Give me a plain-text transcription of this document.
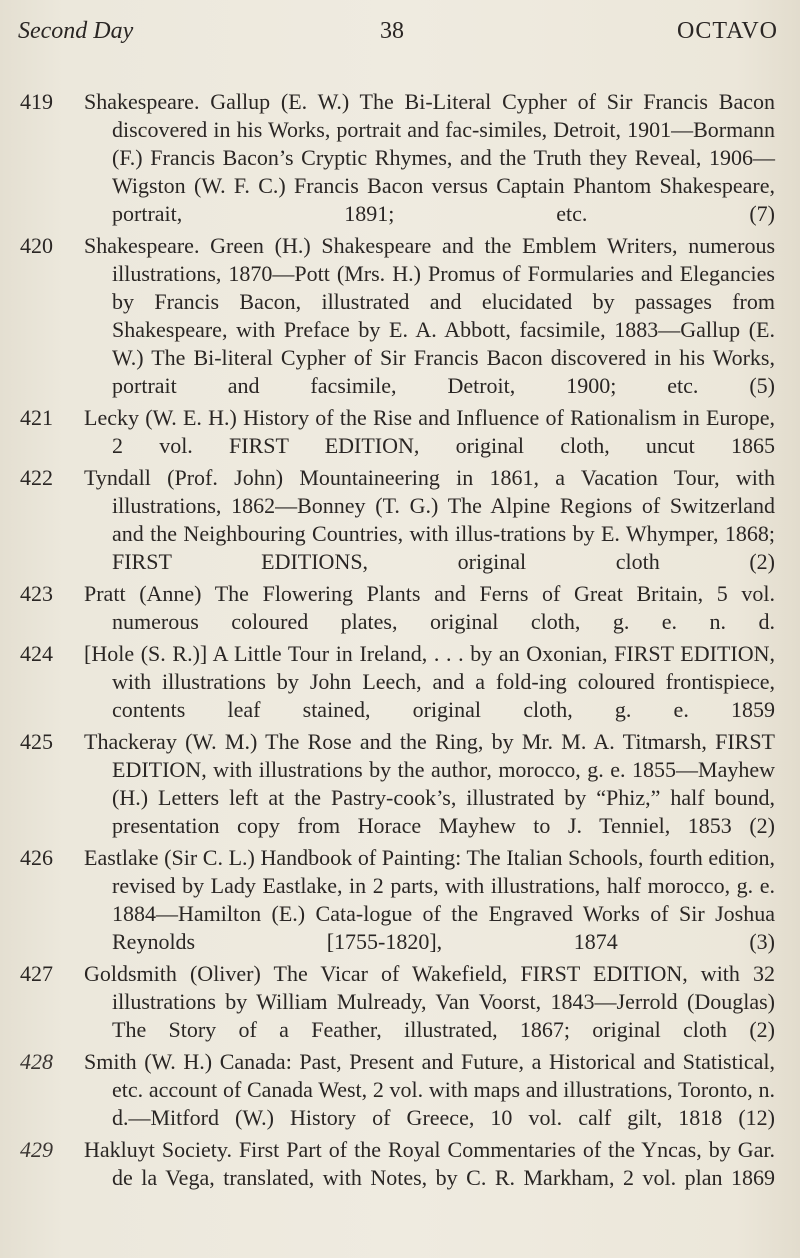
Second Day	38	OCTAVO
419	Shakespeare. Gallup (E. W.) The Bi-Literal Cypher of Sir Francis Bacon discovered in his Works, portrait and fac-similes, Detroit, 1901—Bormann (F.) Francis Bacon’s Cryptic Rhymes, and the Truth they Reveal, 1906—Wigston (W. F. C.) Francis Bacon versus Captain Phantom Shakespeare, portrait, 1891; etc. (7)
420	Shakespeare. Green (H.) Shakespeare and the Emblem Writers, numerous illustrations, 1870—Pott (Mrs. H.) Promus of Formularies and Elegancies by Francis Bacon, illustrated and elucidated by passages from Shakespeare, with Preface by E. A. Abbott, facsimile, 1883—Gallup (E. W.) The Bi-literal Cypher of Sir Francis Bacon discovered in his Works, portrait and facsimile, Detroit, 1900; etc. (5)
421	Lecky (W. E. H.) History of the Rise and Influence of Rationalism in Europe, 2 vol. FIRST EDITION, original cloth, uncut 1865
422	Tyndall (Prof. John) Mountaineering in 1861, a Vacation Tour, with illustrations, 1862—Bonney (T. G.) The Alpine Regions of Switzerland and the Neighbouring Countries, with illus-trations by E. Whymper, 1868; FIRST EDITIONS, original cloth (2)
423	Pratt (Anne) The Flowering Plants and Ferns of Great Britain, 5 vol. numerous coloured plates, original cloth, g. e. n. d.
424	[Hole (S. R.)] A Little Tour in Ireland, . . . by an Oxonian, FIRST EDITION, with illustrations by John Leech, and a fold-ing coloured frontispiece, contents leaf stained, original cloth, g. e. 1859
425	Thackeray (W. M.) The Rose and the Ring, by Mr. M. A. Titmarsh, FIRST EDITION, with illustrations by the author, morocco, g. e. 1855—Mayhew (H.) Letters left at the Pastry-cook’s, illustrated by “Phiz,” half bound, presentation copy from Horace Mayhew to J. Tenniel, 1853 (2)
426	Eastlake (Sir C. L.) Handbook of Painting: The Italian Schools, fourth edition, revised by Lady Eastlake, in 2 parts, with illustrations, half morocco, g. e. 1884—Hamilton (E.) Cata-logue of the Engraved Works of Sir Joshua Reynolds [1755-1820], 1874 (3)
427	Goldsmith (Oliver) The Vicar of Wakefield, FIRST EDITION, with 32 illustrations by William Mulready, Van Voorst, 1843—Jerrold (Douglas) The Story of a Feather, illustrated, 1867; original cloth (2)
428	Smith (W. H.) Canada: Past, Present and Future, a Historical and Statistical, etc. account of Canada West, 2 vol. with maps and illustrations, Toronto, n. d.—Mitford (W.) History of Greece, 10 vol. calf gilt, 1818 (12)
429	Hakluyt Society. First Part of the Royal Commentaries of the Yncas, by Gar. de la Vega, translated, with Notes, by C. R. Markham, 2 vol. plan 1869
